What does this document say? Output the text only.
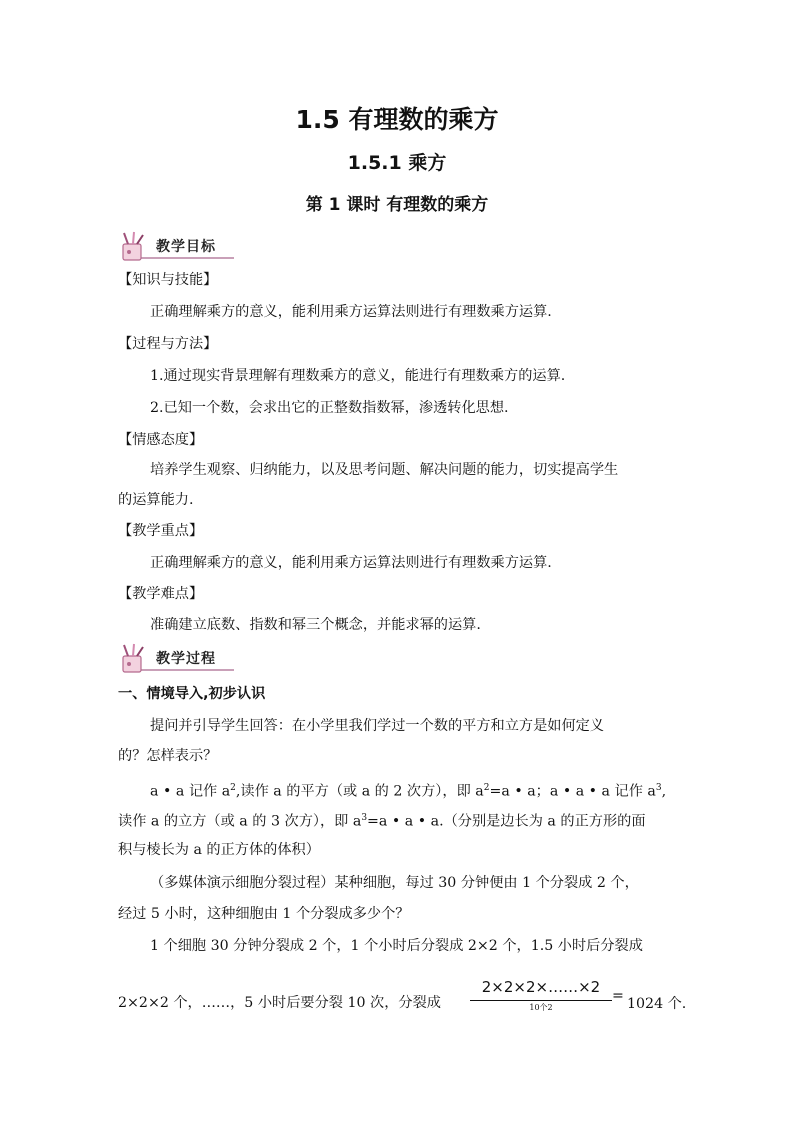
1.5 有理数的乘方
1.5.1 乘方
第 1 课时 有理数的乘方
教学目标
【知识与技能】
正确理解乘方的意义，能利用乘方运算法则进行有理数乘方运算.
【过程与方法】
1.通过现实背景理解有理数乘方的意义，能进行有理数乘方的运算.
2.已知一个数，会求出它的正整数指数幂，渗透转化思想.
【情感态度】
培养学生观察、归纳能力，以及思考问题、解决问题的能力，切实提高学生
的运算能力.
【教学重点】
正确理解乘方的意义，能利用乘方运算法则进行有理数乘方运算.
【教学难点】
准确建立底数、指数和幂三个概念，并能求幂的运算.
教学过程
一、情境导入,初步认识
提问并引导学生回答：在小学里我们学过一个数的平方和立方是如何定义
的？怎样表示？
a • a 记作 $a^2$,读作 a 的平方（或 a 的 2 次方），即 $a^2=a$ • a；a • a • a 记作 $a^3$,
读作 a 的立方（或 a 的 3 次方），即 $a^3=a$ • a • a.（分别是边长为 a 的正方形的面
积与棱长为 a 的正方体的体积）
（多媒体演示细胞分裂过程）某种细胞，每过 30 分钟便由 1 个分裂成 2 个，
经过 5 小时，这种细胞由 1 个分裂成多少个？
1 个细胞 30 分钟分裂成 2 个，1 个小时后分裂成 2×2 个，1.5 小时后分裂成
2×2×2 个，……，5 小时后要分裂 10 次，分裂成
2×2×2×……×2
10个2
= 1024 个.
